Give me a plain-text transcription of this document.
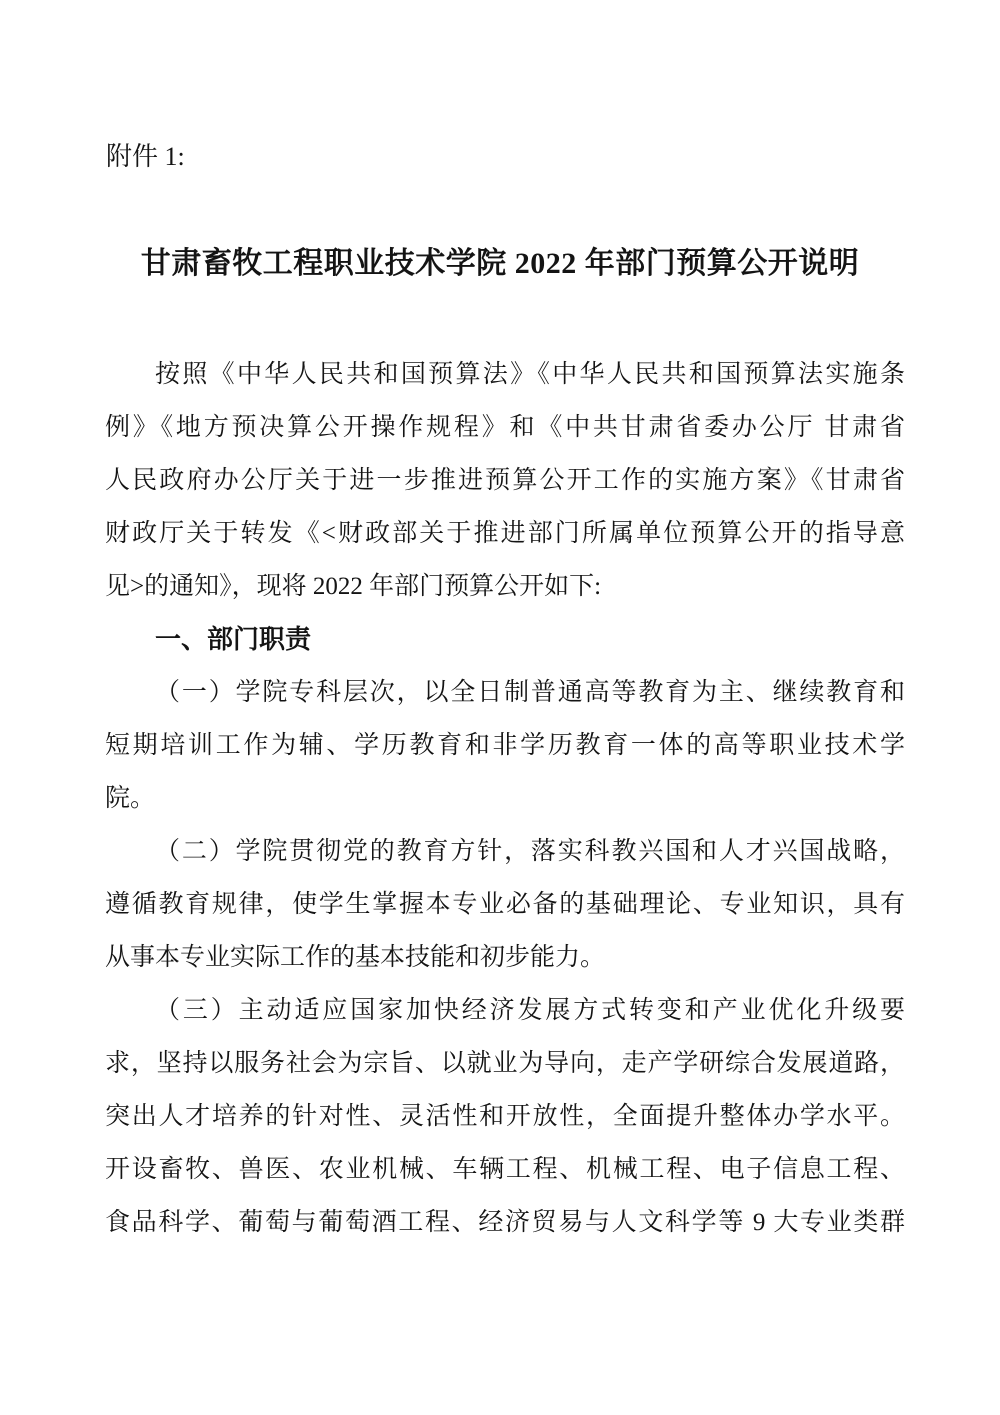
附件 1:
甘肃畜牧工程职业技术学院 2022 年部门预算公开说明
按照《中华人民共和国预算法》《中华人民共和国预算法实施条
例》《地方预决算公开操作规程》和《中共甘肃省委办公厅 甘肃省
人民政府办公厅关于进一步推进预算公开工作的实施方案》《甘肃省
财政厅关于转发《<财政部关于推进部门所属单位预算公开的指导意
见>的通知》，现将 2022 年部门预算公开如下:
一、部门职责
（一）学院专科层次，以全日制普通高等教育为主、继续教育和
短期培训工作为辅、学历教育和非学历教育一体的高等职业技术学
院。
（二）学院贯彻党的教育方针，落实科教兴国和人才兴国战略，
遵循教育规律，使学生掌握本专业必备的基础理论、专业知识，具有
从事本专业实际工作的基本技能和初步能力。
（三）主动适应国家加快经济发展方式转变和产业优化升级要
求，坚持以服务社会为宗旨、以就业为导向，走产学研综合发展道路，
突出人才培养的针对性、灵活性和开放性，全面提升整体办学水平。
开设畜牧、兽医、农业机械、车辆工程、机械工程、电子信息工程、
食品科学、葡萄与葡萄酒工程、经济贸易与人文科学等 9 大专业类群
